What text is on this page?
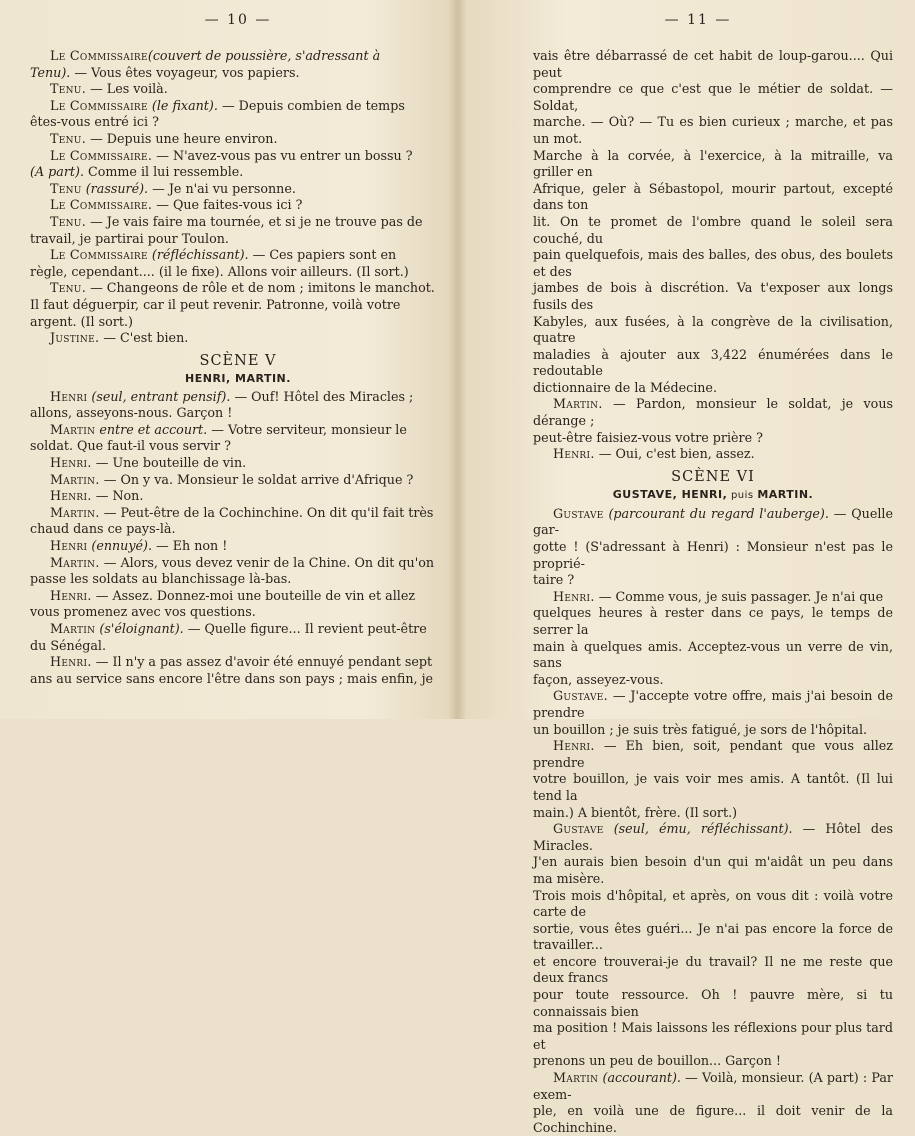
— 10 —

Le Commissaire(couvert de poussière, s'adressant à

Tenu). — Vous êtes voyageur, vos papiers.

Tenu. — Les voilà.

Le Commissaire (le fixant). — Depuis combien de temps

êtes-vous entré ici ?

Tenu. — Depuis une heure environ.

Le Commissaire. — N'avez-vous pas vu entrer un bossu ?

(A part). Comme il lui ressemble.

Tenu (rassuré). — Je n'ai vu personne.

Le Commissaire. — Que faites-vous ici ?

Tenu. — Je vais faire ma tournée, et si je ne trouve pas de

travail, je partirai pour Toulon.

Le Commissaire (réfléchissant). — Ces papiers sont en

règle, cependant.... (il le fixe). Allons voir ailleurs. (Il sort.)

Tenu. — Changeons de rôle et de nom ; imitons le manchot.

Il faut déguerpir, car il peut revenir. Patronne, voilà votre

argent. (Il sort.)

Justine. — C'est bien.

SCÈNE V
HENRI, MARTIN.

Henri (seul, entrant pensif). — Ouf! Hôtel des Miracles ;

allons, asseyons-nous. Garçon !

Martin entre et accourt. — Votre serviteur, monsieur le

soldat. Que faut-il vous servir ?

Henri. — Une bouteille de vin.

Martin. — On y va. Monsieur le soldat arrive d'Afrique ?

Henri. — Non.

Martin. — Peut-être de la Cochinchine. On dit qu'il fait très

chaud dans ce pays-là.

Henri (ennuyé). — Eh non !

Martin. — Alors, vous devez venir de la Chine. On dit qu'on

passe les soldats au blanchissage là-bas.

Henri. — Assez. Donnez-moi une bouteille de vin et allez

vous promenez avec vos questions.

Martin (s'éloignant). — Quelle figure... Il revient peut-être

du Sénégal.

Henri. — Il n'y a pas assez d'avoir été ennuyé pendant sept

ans au service sans encore l'être dans son pays ; mais enfin, je

— 11 —

vais être débarrassé de cet habit de loup-garou.... Qui peut

comprendre ce que c'est que le métier de soldat. — Soldat,

marche. — Où? — Tu es bien curieux ; marche, et pas un mot.

Marche à la corvée, à l'exercice, à la mitraille, va griller en

Afrique, geler à Sébastopol, mourir partout, excepté dans ton

lit. On te promet de l'ombre quand le soleil sera couché, du

pain quelquefois, mais des balles, des obus, des boulets et des

jambes de bois à discrétion. Va t'exposer aux longs fusils des

Kabyles, aux fusées, à la congrève de la civilisation, quatre

maladies à ajouter aux 3,422 énumérées dans le redoutable

dictionnaire de la Médecine.

Martin. — Pardon, monsieur le soldat, je vous dérange ;

peut-être faisiez-vous votre prière ?

Henri. — Oui, c'est bien, assez.

SCÈNE VI
GUSTAVE, HENRI, puis MARTIN.

Gustave (parcourant du regard l'auberge). — Quelle gar-

gotte ! (S'adressant à Henri) : Monsieur n'est pas le proprié-

taire ?

Henri. — Comme vous, je suis passager. Je n'ai que

quelques heures à rester dans ce pays, le temps de serrer la

main à quelques amis. Acceptez-vous un verre de vin, sans

façon, asseyez-vous.

Gustave. — J'accepte votre offre, mais j'ai besoin de prendre

un bouillon ; je suis très fatigué, je sors de l'hôpital.

Henri. — Eh bien, soit, pendant que vous allez prendre

votre bouillon, je vais voir mes amis. A tantôt. (Il lui tend la

main.) A bientôt, frère. (Il sort.)

Gustave (seul, ému, réfléchissant). — Hôtel des Miracles.

J'en aurais bien besoin d'un qui m'aidât un peu dans ma misère.

Trois mois d'hôpital, et après, on vous dit : voilà votre carte de

sortie, vous êtes guéri... Je n'ai pas encore la force de travailler...

et encore trouverai-je du travail? Il ne me reste que deux francs

pour toute ressource. Oh ! pauvre mère, si tu connaissais bien

ma position ! Mais laissons les réflexions pour plus tard et

prenons un peu de bouillon... Garçon !

Martin (accourant). — Voilà, monsieur. (A part) : Par exem-

ple, en voilà une de figure... il doit venir de la Cochinchine.
